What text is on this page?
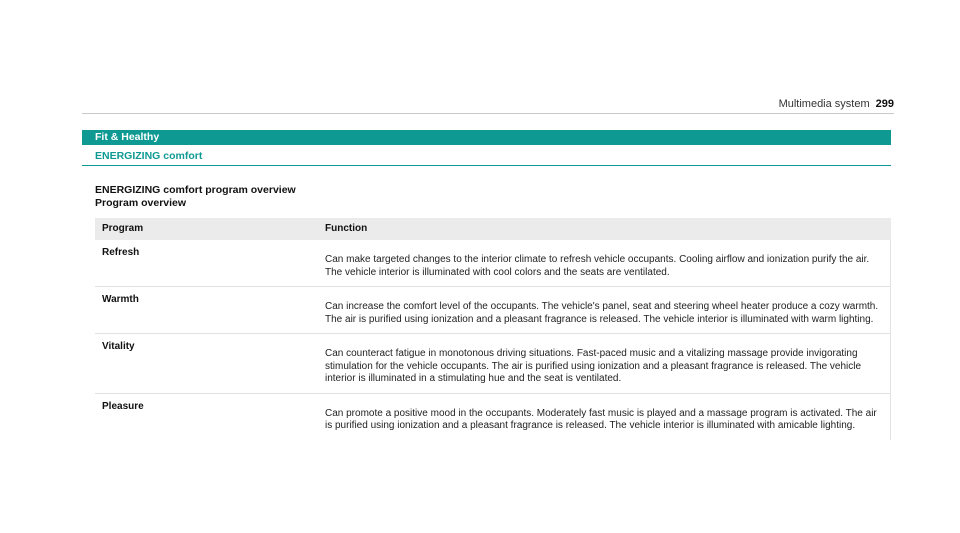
Multimedia system 299
Fit & Healthy
ENERGIZING comfort
ENERGIZING comfort program overview
Program overview
Program	Function
Refresh
Can make targeted changes to the interior climate to refresh vehicle occupants. Cooling airflow and ionization purify the air. The vehicle interior is illuminated with cool colors and the seats are ventilated.
Warmth
Can increase the comfort level of the occupants. The vehicle's panel, seat and steering wheel heater produce a cozy warmth. The air is purified using ionization and a pleasant fragrance is released. The vehicle interior is illuminated with warm lighting.
Vitality
Can counteract fatigue in monotonous driving situations. Fast-paced music and a vitalizing massage provide invigorating stimulation for the vehicle occupants. The air is purified using ionization and a pleasant fragrance is released. The vehicle interior is illuminated in a stimulating hue and the seat is ventilated.
Pleasure
Can promote a positive mood in the occupants. Moderately fast music is played and a massage program is activated. The air is purified using ionization and a pleasant fragrance is released. The vehicle interior is illuminated with amicable lighting.
